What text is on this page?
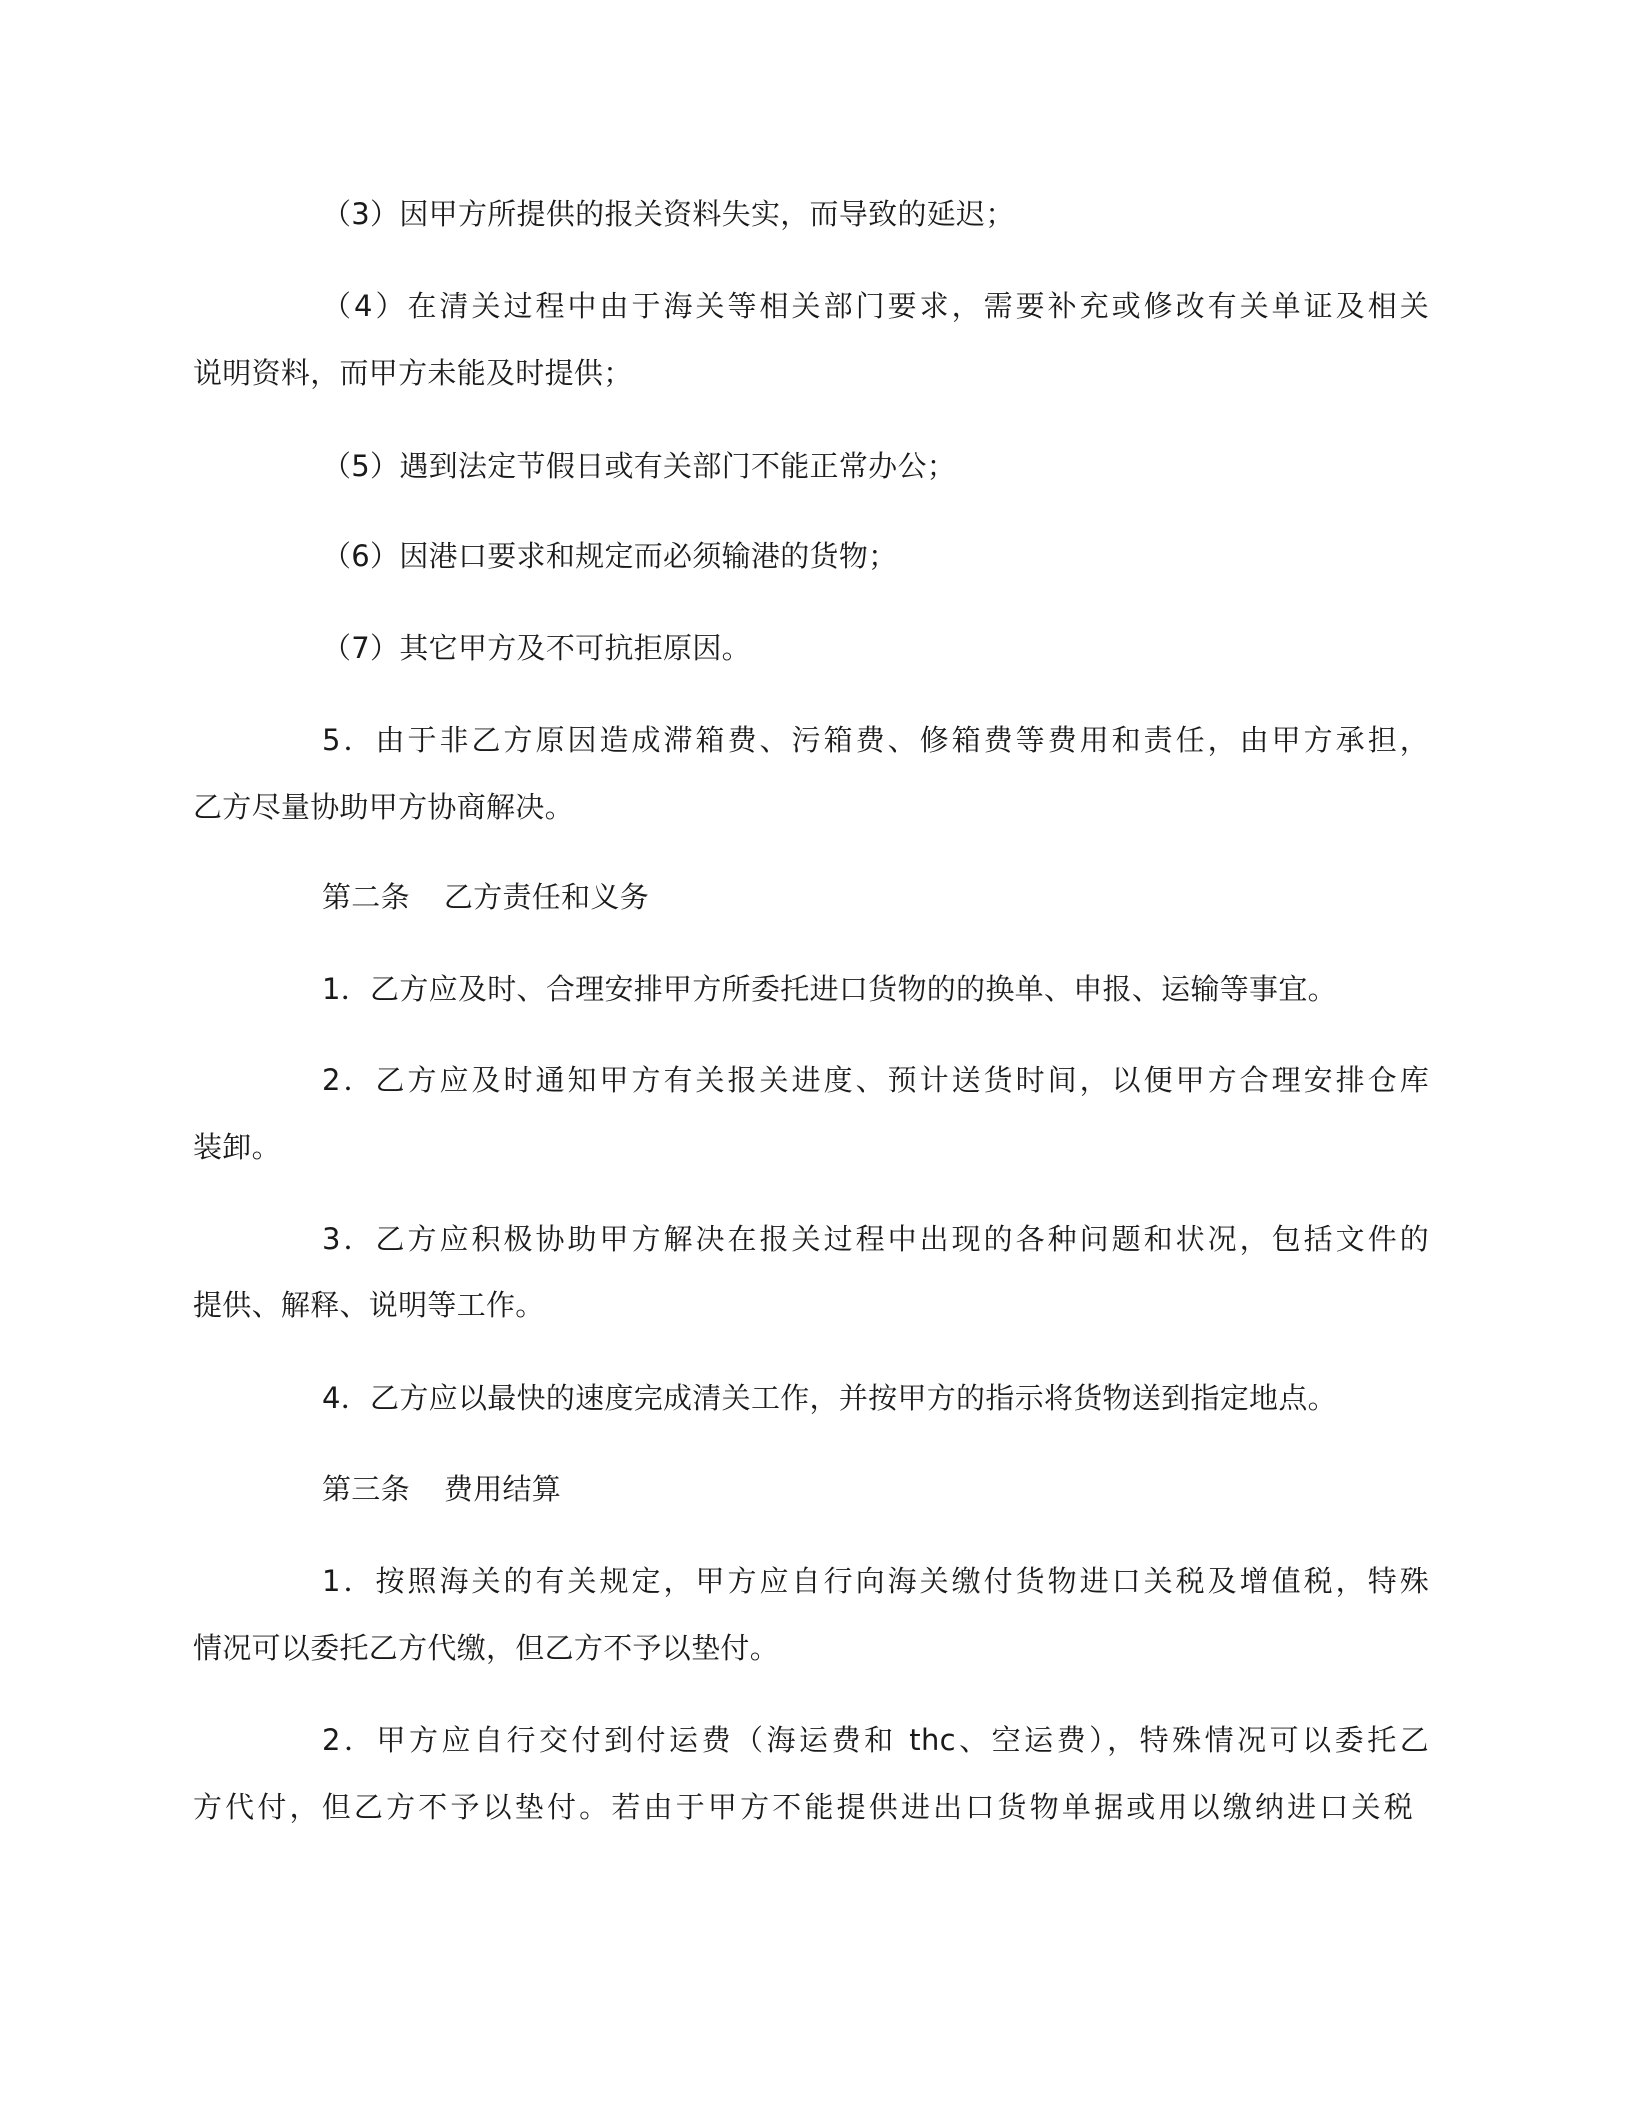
（3）因甲方所提供的报关资料失实，而导致的延迟；
（4）在清关过程中由于海关等相关部门要求，需要补充或修改有关单证及相关
说明资料，而甲方未能及时提供；
（5）遇到法定节假日或有关部门不能正常办公；
（6）因港口要求和规定而必须输港的货物；
（7）其它甲方及不可抗拒原因。
5．由于非乙方原因造成滞箱费、污箱费、修箱费等费用和责任，由甲方承担，
乙方尽量协助甲方协商解决。
第二条 乙方责任和义务
1．乙方应及时、合理安排甲方所委托进口货物的的换单、申报、运输等事宜。
2．乙方应及时通知甲方有关报关进度、预计送货时间，以便甲方合理安排仓库
装卸。
3．乙方应积极协助甲方解决在报关过程中出现的各种问题和状况，包括文件的
提供、解释、说明等工作。
4．乙方应以最快的速度完成清关工作，并按甲方的指示将货物送到指定地点。
第三条 费用结算
1．按照海关的有关规定，甲方应自行向海关缴付货物进口关税及增值税，特殊
情况可以委托乙方代缴，但乙方不予以垫付。
2．甲方应自行交付到付运费（海运费和 thc、空运费），特殊情况可以委托乙
方代付，但乙方不予以垫付。若由于甲方不能提供进出口货物单据或用以缴纳进口关税
